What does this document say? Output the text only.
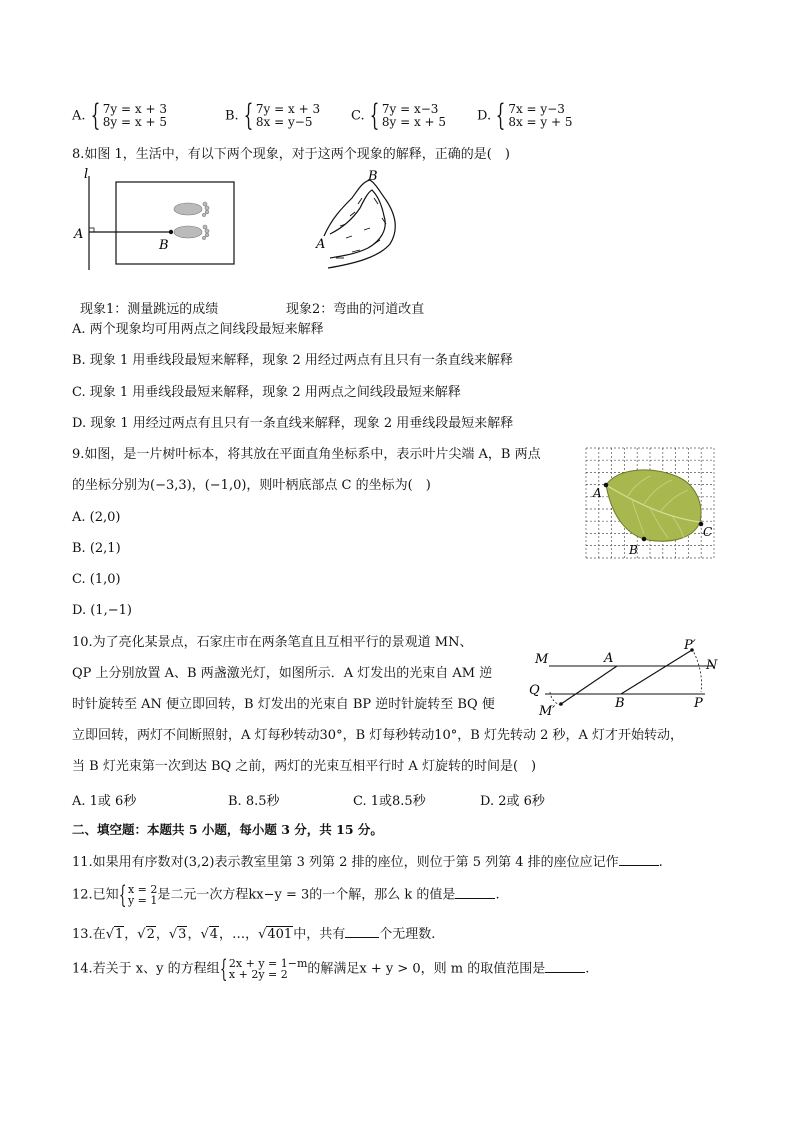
A. { 7y = x + 3
8y = x + 5	B. { 7y = x + 3
8x = y−5	C. { 7y = x−3
8y = x + 5 D. { 7x = y−3
8x = y + 5
8.如图 1，生活中，有以下两个现象，对于这两个现象的解释，正确的是(　)
l
A
B
B
A
现象1：测量跳远的成绩	现象2：弯曲的河道改直
A. 两个现象均可用两点之间线段最短来解释
B. 现象 1 用垂线段最短来解释，现象 2 用经过两点有且只有一条直线来解释
C. 现象 1 用垂线段最短来解释，现象 2 用两点之间线段最短来解释
D. 现象 1 用经过两点有且只有一条直线来解释，现象 2 用垂线段最短来解释
9.如图，是一片树叶标本，将其放在平面直角坐标系中，表示叶片尖端 A，B 两点
的坐标分别为(−3,3)，(−1,0)，则叶柄底部点 C 的坐标为(　)
A. (2,0)
B. (2,1)
C. (1,0)
D. (1,−1)
A
B
C
10.为了亮化某景点，石家庄市在两条笔直且互相平行的景观道 MN、
QP 上分别放置 A、B 两盏激光灯，如图所示．A 灯发出的光束自 AM 逆
时针旋转至 AN 便立即回转，B 灯发出的光束自 BP 逆时针旋转至 BQ 便
立即回转，两灯不间断照射，A 灯每秒转动30°，B 灯每秒转动10°，B 灯先转动 2 秒，A 灯才开始转动，
当 B 灯光束第一次到达 BQ 之前，两灯的光束互相平行时 A 灯旋转的时间是(　)
M	A
P′
N
Q
M′
B	P
A. 1或 6秒	B. 8.5秒	C. 1或8.5秒	D. 2或 6秒
二、填空题：本题共 5 小题，每小题 3 分，共 15 分。
11.如果用有序数对(3,2)表示教室里第 3 列第 2 排的座位，则位于第 5 列第 4 排的座位应记作	.
12.已知{ x = 2
y = 1 是二元一次方程kx−y = 3的一个解，那么 k 的值是	.
13.在√1，√2，√3，√4，…，√401中，共有	个无理数.
14.若关于 x、y 的方程组{ 2x + y = 1−m
x + 2y = 2	的解满足x + y > 0，则 m 的取值范围是	.
